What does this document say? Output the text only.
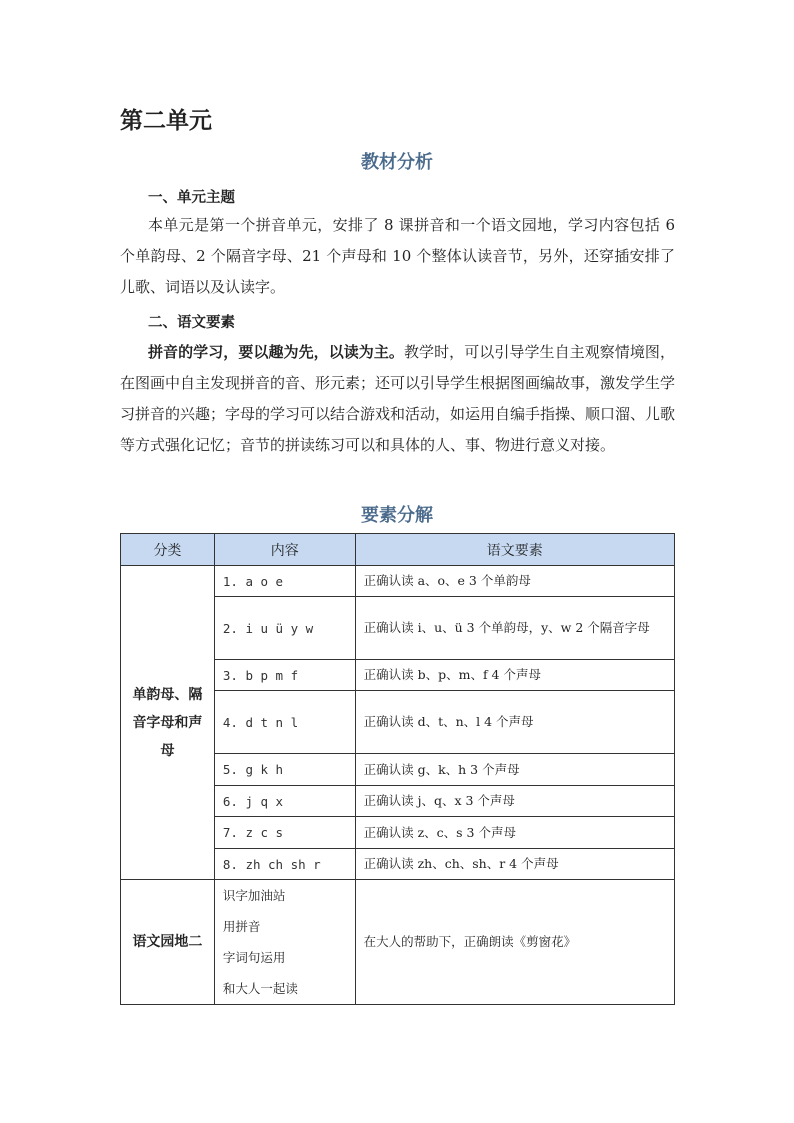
第二单元
教材分析
一、单元主题

本单元是第一个拼音单元，安排了 8 课拼音和一个语文园地，学习内容包括 6 个单韵母、2 个隔音字母、21 个声母和 10 个整体认读音节，另外，还穿插安排了儿歌、词语以及认读字。

二、语文要素

拼音的学习，要以趣为先，以读为主。教学时，可以引导学生自主观察情境图，在图画中自主发现拼音的音、形元素；还可以引导学生根据图画编故事，激发学生学习拼音的兴趣；字母的学习可以结合游戏和活动，如运用自编手指操、顺口溜、儿歌等方式强化记忆；音节的拼读练习可以和具体的人、事、物进行意义对接。

要素分解
分类	内容	语文要素
单韵母、隔音字母和声母	1. a o e	正确认读 a、o、e 3 个单韵母
	2. i u ü y w	正确认读 i、u、ü 3 个单韵母，y、w 2 个隔音字母
	3. b p m f	正确认读 b、p、m、f 4 个声母
	4. d t n l	正确认读 d、t、n、l 4 个声母
	5. g k h	正确认读 g、k、h 3 个声母
	6. j q x	正确认读 j、q、x 3 个声母
	7. z c s	正确认读 z、c、s 3 个声母
	8. zh ch sh r	正确认读 zh、ch、sh、r 4 个声母
语文园地二	识字加油站
用拼音
字词句运用
和大人一起读	在大人的帮助下，正确朗读《剪窗花》
